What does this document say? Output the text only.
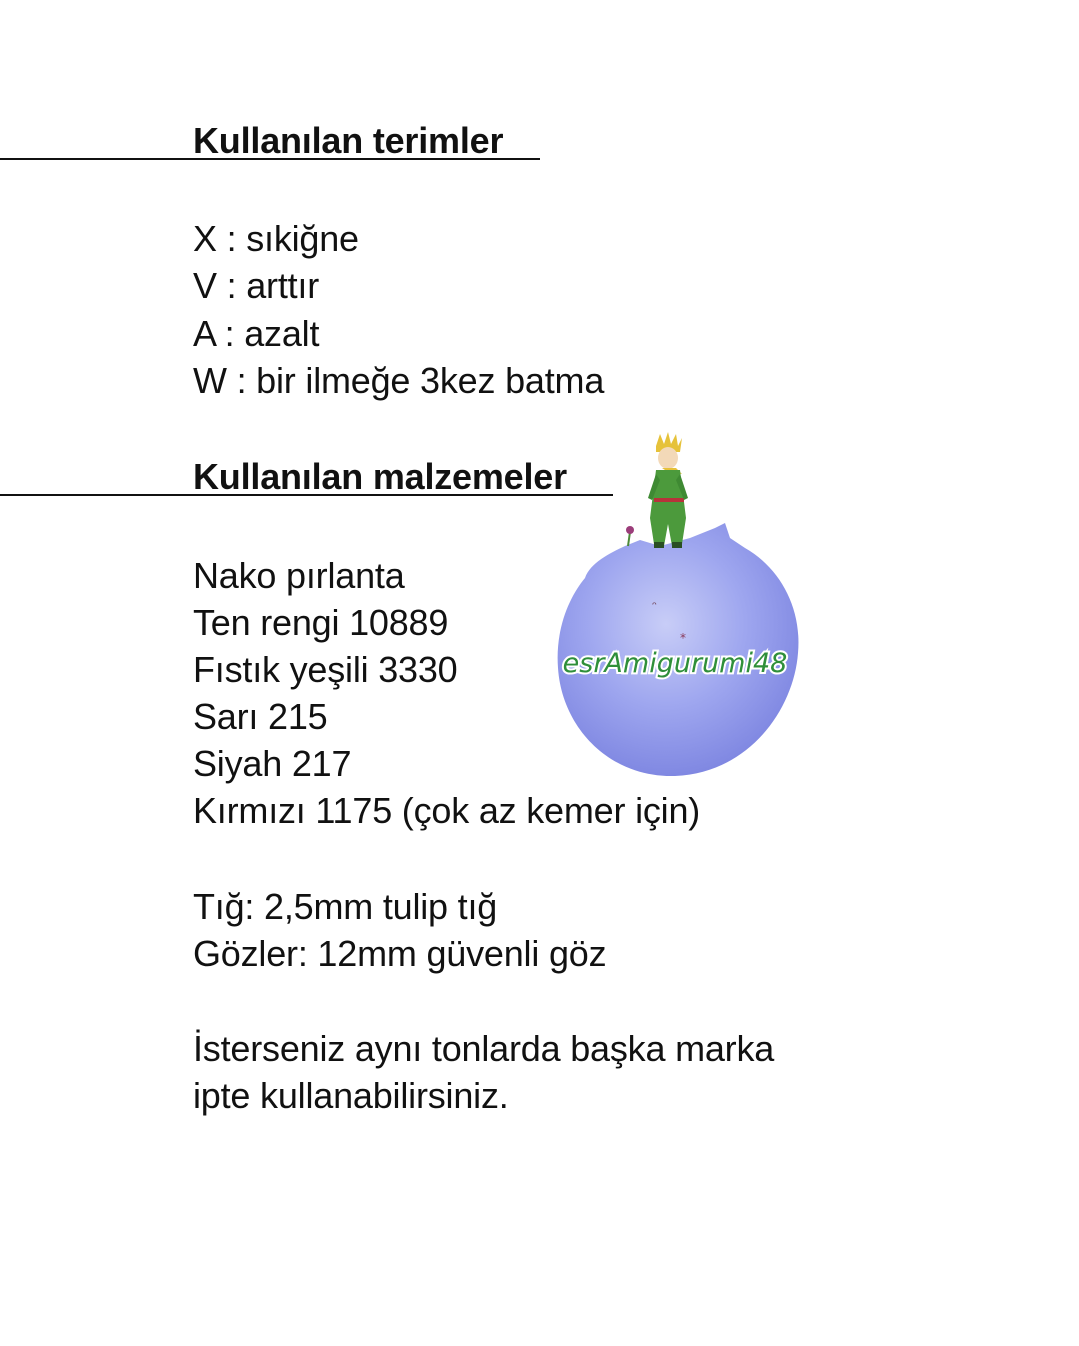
Kullanılan terimler

X : sıkiğne

V : arttır

A : azalt

W : bir ilmeğe 3kez batma

Kullanılan malzemeler

Nako pırlanta

Ten rengi 10889

Fıstık yeşili 3330

Sarı 215

Siyah 217

Kırmızı 1175 (çok az kemer için)

Tığ: 2,5mm tulip tığ

Gözler: 12mm güvenli göz

İsterseniz aynı tonlarda başka marka

ipte kullanabilirsiniz.

ᵔ
*
esrAmigurumi48
